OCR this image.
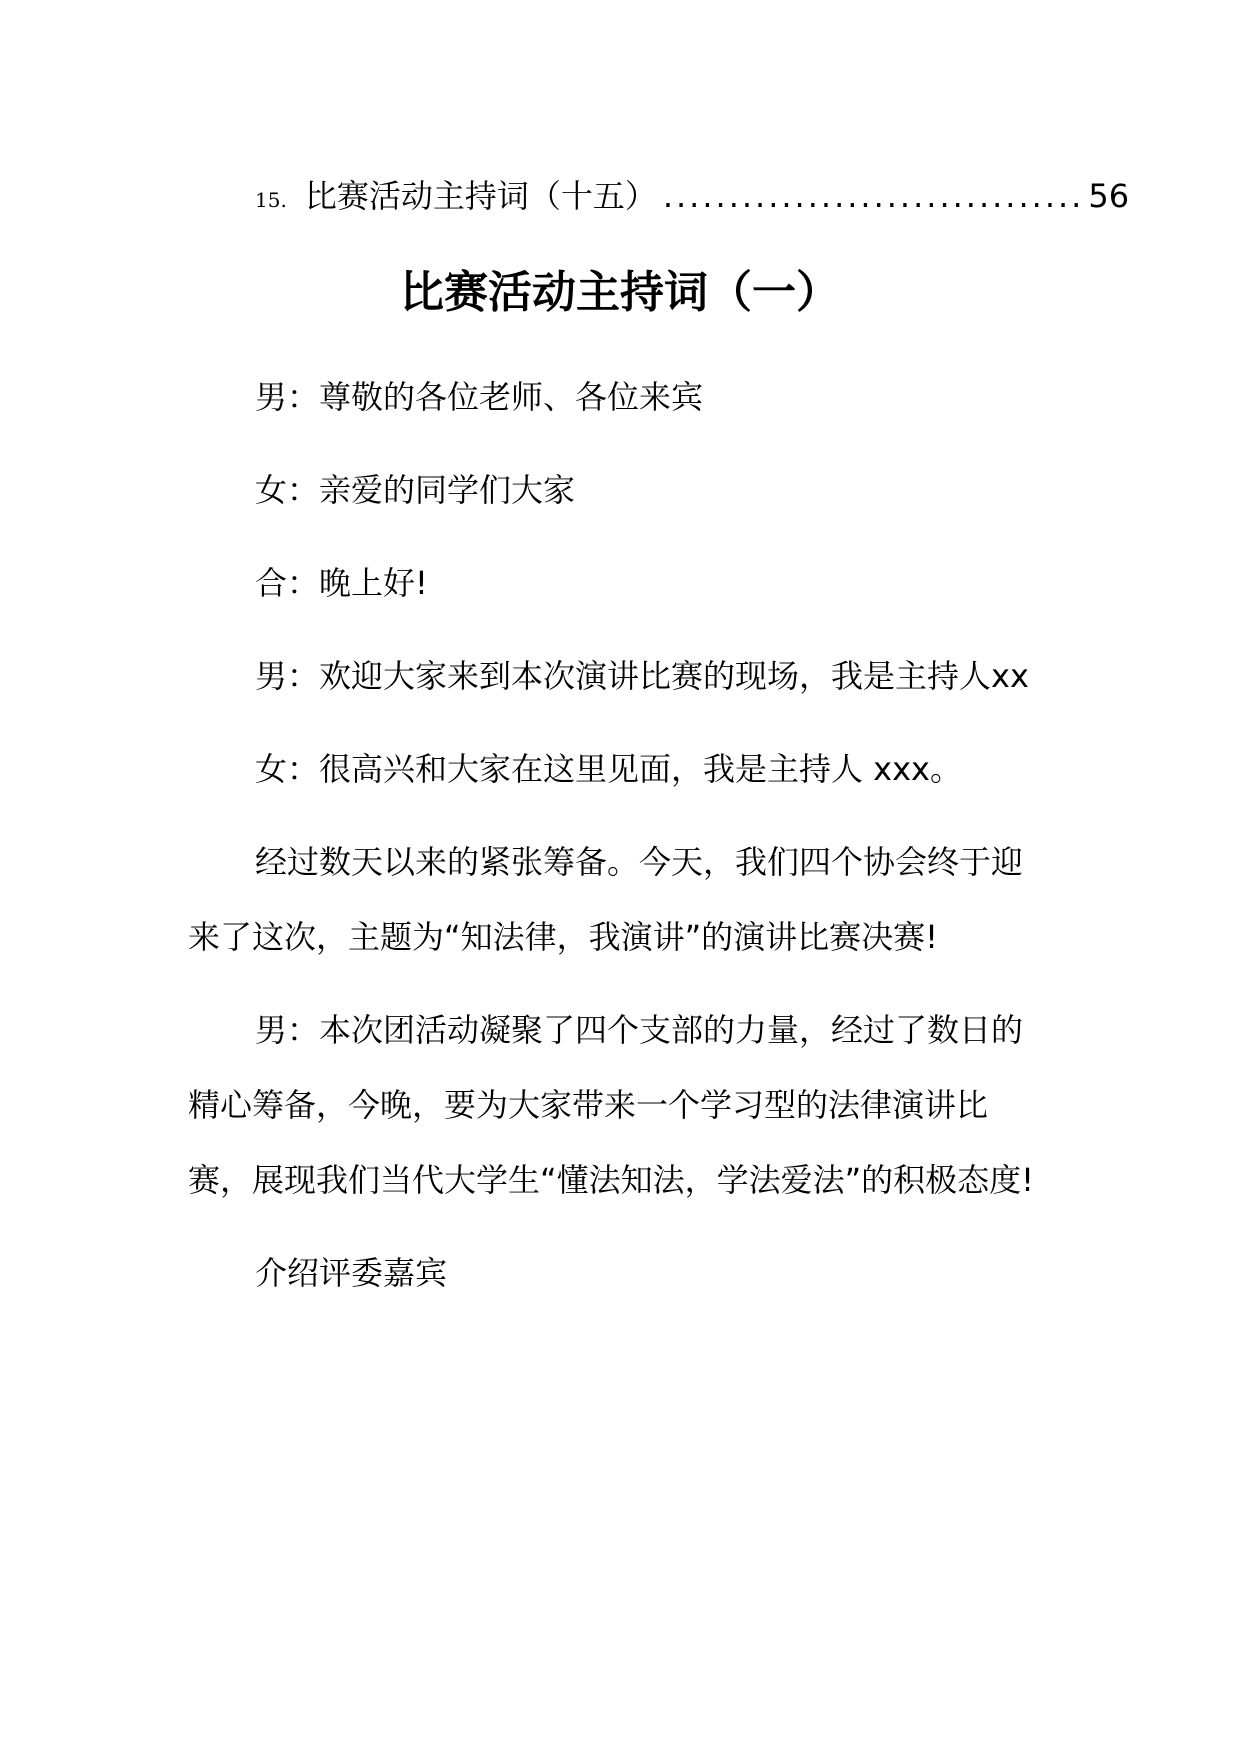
15. 比赛活动主持词（十五） ................................ 56
比赛活动主持词（一）

男：尊敬的各位老师、各位来宾

女：亲爱的同学们大家

合：晚上好!

男：欢迎大家来到本次演讲比赛的现场，我是主持人xx

女：很高兴和大家在这里见面，我是主持人 xxx。

经过数天以来的紧张筹备。今天，我们四个协会终于迎来了这次，主题为“知法律，我演讲”的演讲比赛决赛!

男：本次团活动凝聚了四个支部的力量，经过了数日的精心筹备，今晚，要为大家带来一个学习型的法律演讲比赛，展现我们当代大学生“懂法知法，学法爱法”的积极态度!

介绍评委嘉宾
